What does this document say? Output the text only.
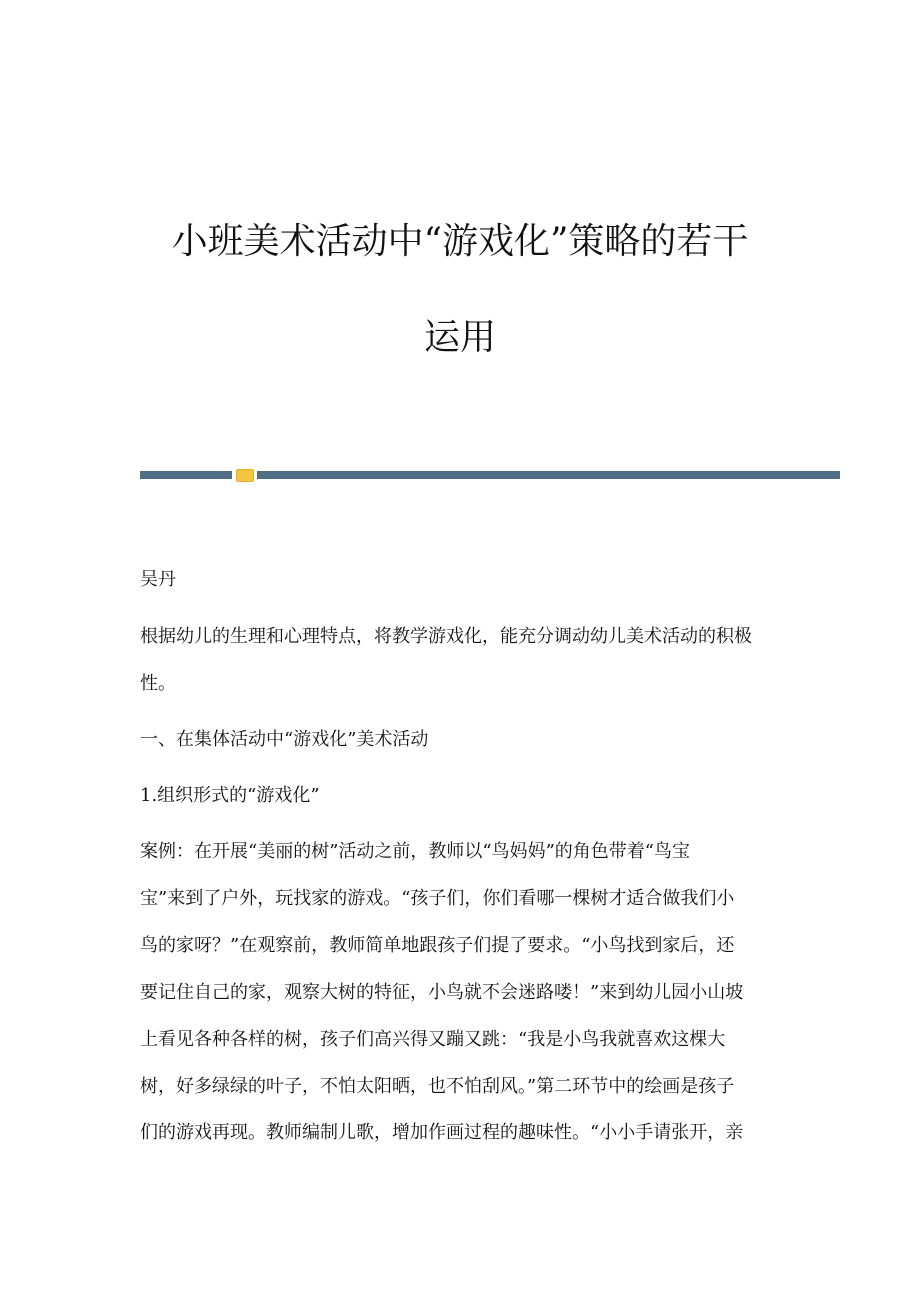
小班美术活动中“游戏化”策略的若干
运用
吴丹
根据幼儿的生理和心理特点，将教学游戏化，能充分调动幼儿美术活动的积极
性。
一、在集体活动中“游戏化”美术活动
1.组织形式的“游戏化”
案例：在开展“美丽的树”活动之前，教师以“鸟妈妈”的角色带着“鸟宝
宝”来到了户外，玩找家的游戏。“孩子们，你们看哪一棵树才适合做我们小
鸟的家呀？”在观察前，教师简单地跟孩子们提了要求。“小鸟找到家后，还
要记住自己的家，观察大树的特征，小鸟就不会迷路喽！”来到幼儿园小山坡
上看见各种各样的树，孩子们高兴得又蹦又跳：“我是小鸟我就喜欢这棵大
树，好多绿绿的叶子，不怕太阳晒，也不怕刮风。”第二环节中的绘画是孩子
们的游戏再现。教师编制儿歌，增加作画过程的趣味性。“小小手请张开，亲
